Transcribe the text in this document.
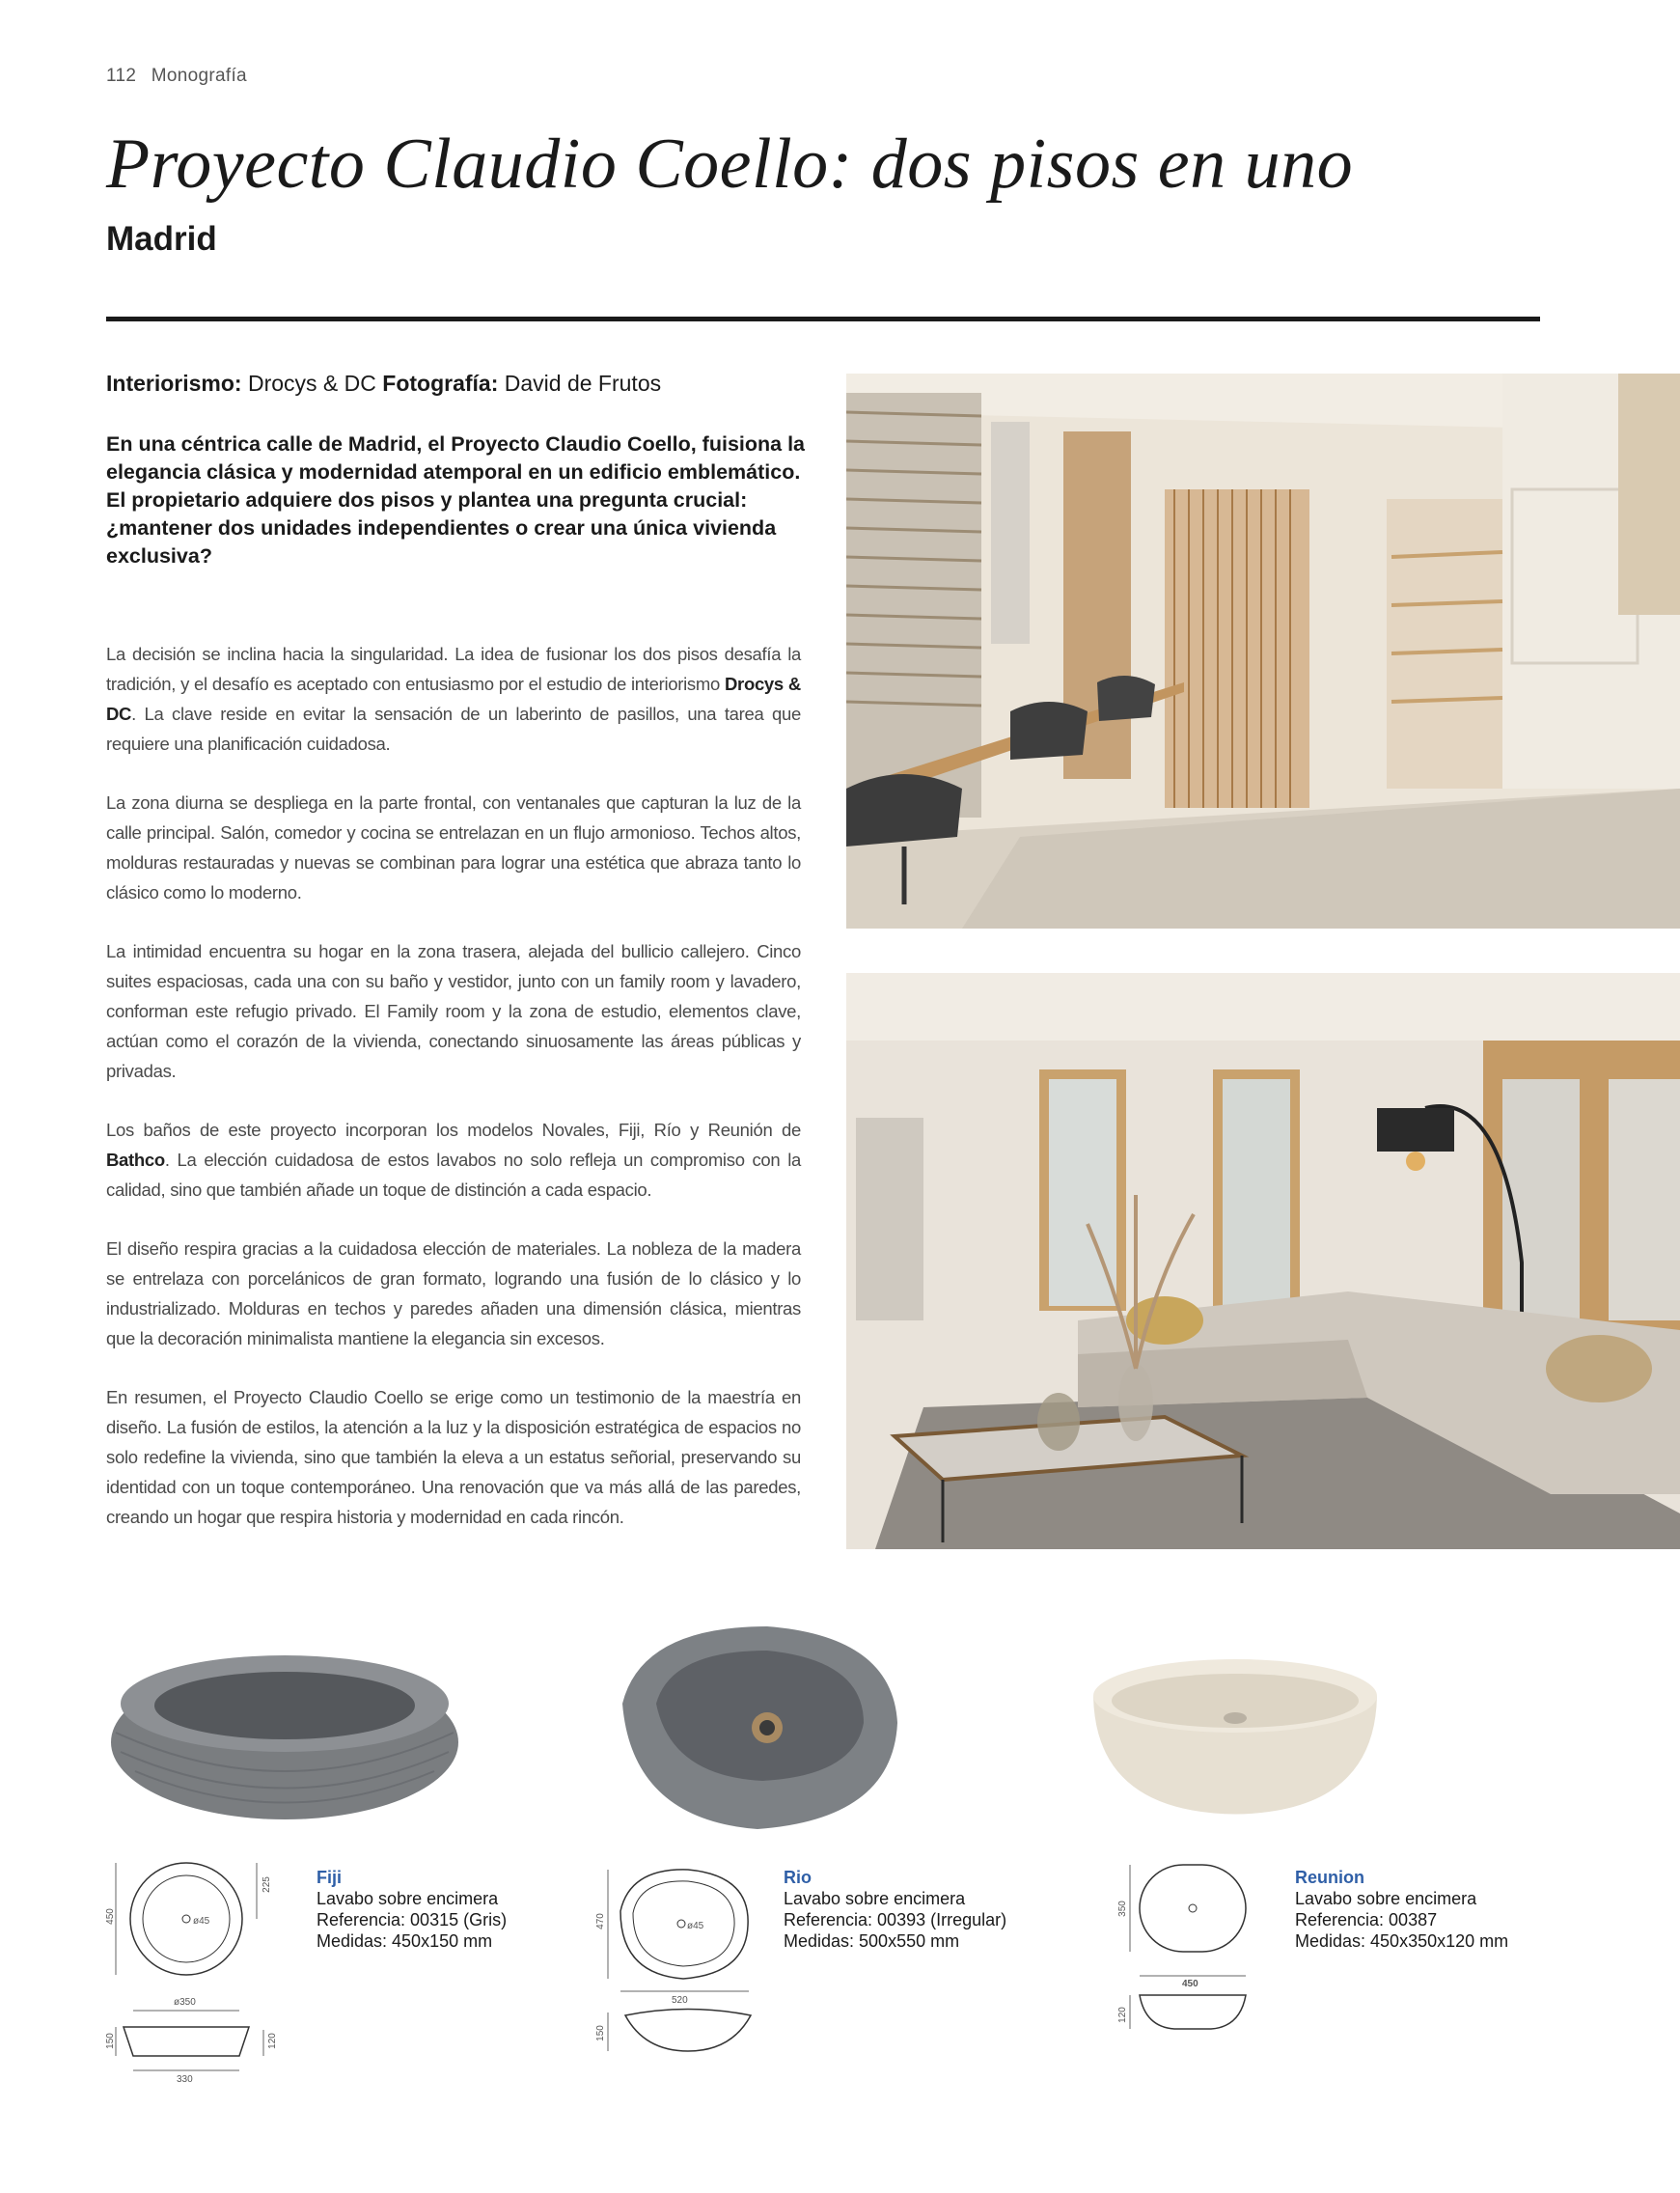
112 Monografía
Proyecto Claudio Coello: dos pisos en uno
Madrid
Interiorismo: Drocys & DC Fotografía: David de Frutos
En una céntrica calle de Madrid, el Proyecto Claudio Coello, fuisiona la elegancia clásica y modernidad atemporal en un edificio emblemático. El propietario adquiere dos pisos y plantea una pregunta crucial: ¿mantener dos unidades independientes o crear una única vivienda exclusiva?

La decisión se inclina hacia la singularidad. La idea de fusionar los dos pisos desafía la tradición, y el desafío es aceptado con entusiasmo por el estudio de interiorismo Drocys & DC. La clave reside en evitar la sensación de un laberinto de pasillos, una tarea que requiere una planificación cuidadosa.

La zona diurna se despliega en la parte frontal, con ventanales que capturan la luz de la calle principal. Salón, comedor y cocina se entrelazan en un flujo armonioso. Techos altos, molduras restauradas y nuevas se combinan para lograr una estética que abraza tanto lo clásico como lo moderno.

La intimidad encuentra su hogar en la zona trasera, alejada del bullicio callejero. Cinco suites espaciosas, cada una con su baño y vestidor, junto con un family room y lavadero, conforman este refugio privado. El Family room y la zona de estudio, elementos clave, actúan como el corazón de la vivienda, conectando sinuosamente las áreas públicas y privadas.

Los baños de este proyecto incorporan los modelos Novales, Fiji, Río y Reunión de Bathco. La elección cuidadosa de estos lavabos no solo refleja un compromiso con la calidad, sino que también añade un toque de distinción a cada espacio.

El diseño respira gracias a la cuidadosa elección de materiales. La nobleza de la madera se entrelaza con porcelánicos de gran formato, logrando una fusión de lo clásico y lo industrializado. Molduras en techos y paredes añaden una dimensión clásica, mientras que la decoración minimalista mantiene la elegancia sin excesos.

En resumen, el Proyecto Claudio Coello se erige como un testimonio de la maestría en diseño. La fusión de estilos, la atención a la luz y la disposición estratégica de espacios no solo redefine la vivienda, sino que también la eleva a un estatus señorial, preservando su identidad con un toque contemporáneo. Una renovación que va más allá de las paredes, creando un hogar que respira historia y modernidad en cada rincón.

450
225
ø45
ø350
150	120
330
Fiji
Lavabo sobre encimera
Referencia: 00315 (Gris)
Medidas: 450x150 mm
470	ø45
520
150
Rio
Lavabo sobre encimera
Referencia: 00393 (Irregular)
Medidas: 500x550 mm
350
450
120
Reunion
Lavabo sobre encimera
Referencia: 00387
Medidas: 450x350x120 mm
